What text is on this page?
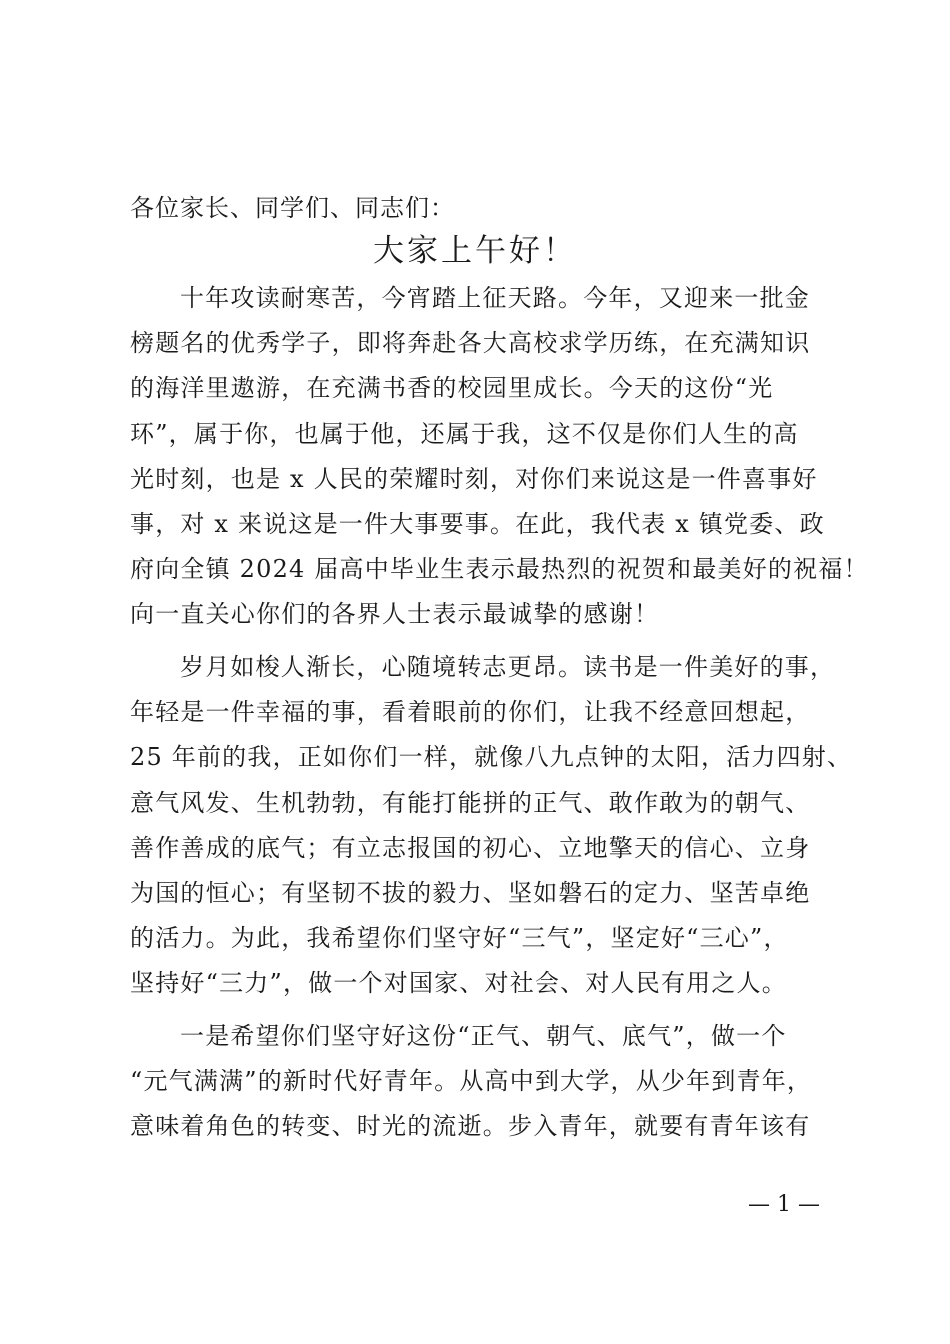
各位家长、同学们、同志们：
大家上午好！
十年攻读耐寒苦，今宵踏上征天路。今年，又迎来一批金
榜题名的优秀学子，即将奔赴各大高校求学历练，在充满知识
的海洋里遨游，在充满书香的校园里成长。今天的这份“光
环”，属于你，也属于他，还属于我，这不仅是你们人生的高
光时刻，也是 x 人民的荣耀时刻，对你们来说这是一件喜事好
事，对 x 来说这是一件大事要事。在此，我代表 x 镇党委、政
府向全镇 2024 届高中毕业生表示最热烈的祝贺和最美好的祝福！
向一直关心你们的各界人士表示最诚挚的感谢！
岁月如梭人渐长，心随境转志更昂。读书是一件美好的事，
年轻是一件幸福的事，看着眼前的你们，让我不经意回想起，
25 年前的我，正如你们一样，就像八九点钟的太阳，活力四射、
意气风发、生机勃勃，有能打能拼的正气、敢作敢为的朝气、
善作善成的底气；有立志报国的初心、立地擎天的信心、立身
为国的恒心；有坚韧不拔的毅力、坚如磐石的定力、坚苦卓绝
的活力。为此，我希望你们坚守好“三气”，坚定好“三心”，
坚持好“三力”，做一个对国家、对社会、对人民有用之人。
一是希望你们坚守好这份“正气、朝气、底气”，做一个
“元气满满”的新时代好青年。从高中到大学，从少年到青年，
意味着角色的转变、时光的流逝。步入青年，就要有青年该有
— 1 —
